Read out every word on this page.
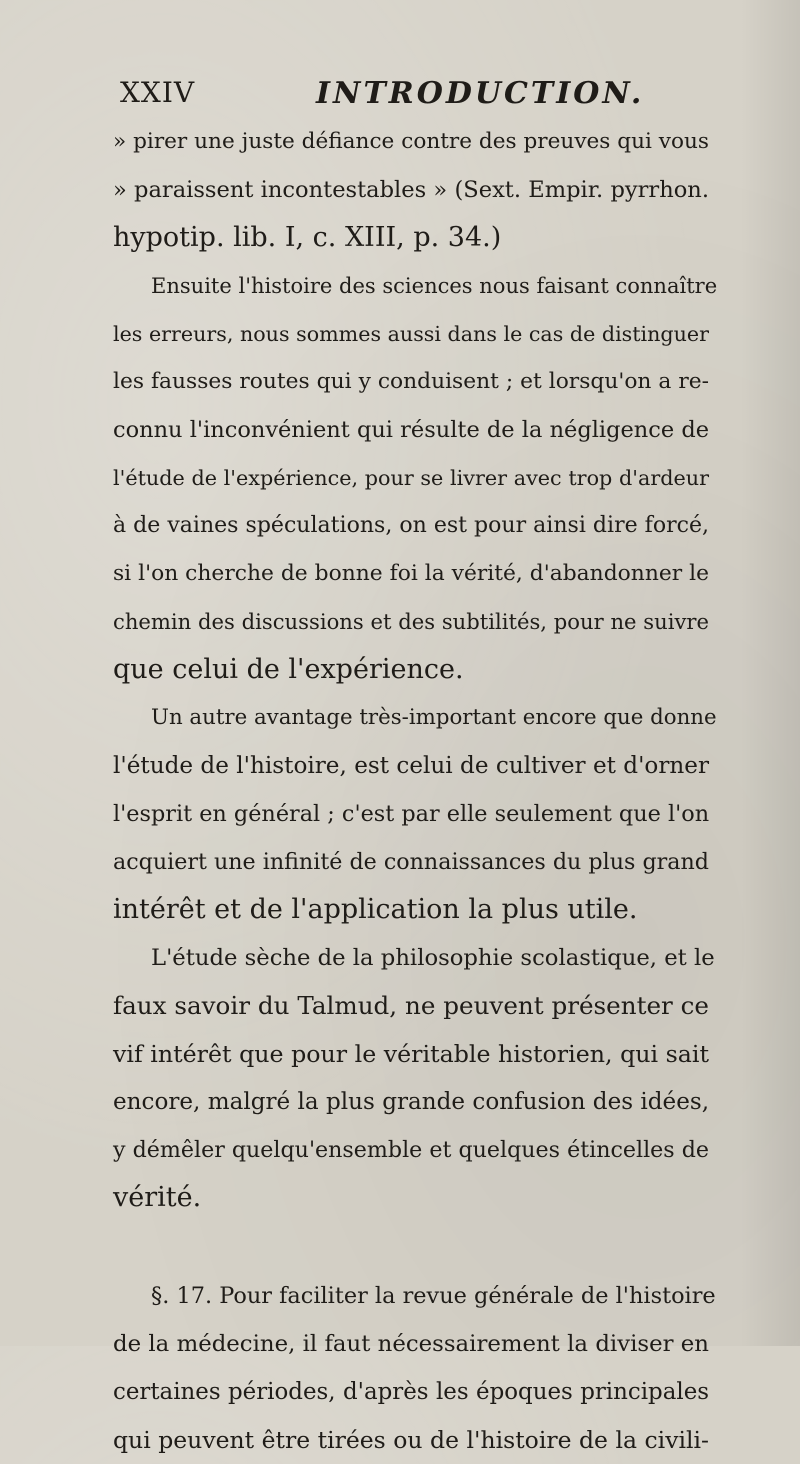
XXIV	INTRODUCTION.
» pirer une juste défiance contre des preuves qui vous
» paraissent incontestables » (Sext. Empir. pyrrhon.
hypotip. lib. I, c. XIII, p. 34.)
Ensuite l'histoire des sciences nous faisant connaître
les erreurs, nous sommes aussi dans le cas de distinguer
les fausses routes qui y conduisent ; et lorsqu'on a re-
connu l'inconvénient qui résulte de la négligence de
l'étude de l'expérience, pour se livrer avec trop d'ardeur
à de vaines spéculations, on est pour ainsi dire forcé,
si l'on cherche de bonne foi la vérité, d'abandonner le
chemin des discussions et des subtilités, pour ne suivre
que celui de l'expérience.
Un autre avantage très-important encore que donne
l'étude de l'histoire, est celui de cultiver et d'orner
l'esprit en général ; c'est par elle seulement que l'on
acquiert une infinité de connaissances du plus grand
intérêt et de l'application la plus utile.
L'étude sèche de la philosophie scolastique, et le
faux savoir du Talmud, ne peuvent présenter ce
vif intérêt que pour le véritable historien, qui sait
encore, malgré la plus grande confusion des idées,
y démêler quelqu'ensemble et quelques étincelles de
vérité.
§. 17. Pour faciliter la revue générale de l'histoire
de la médecine, il faut nécessairement la diviser en
certaines périodes, d'après les époques principales
qui peuvent être tirées ou de l'histoire de la civili-
